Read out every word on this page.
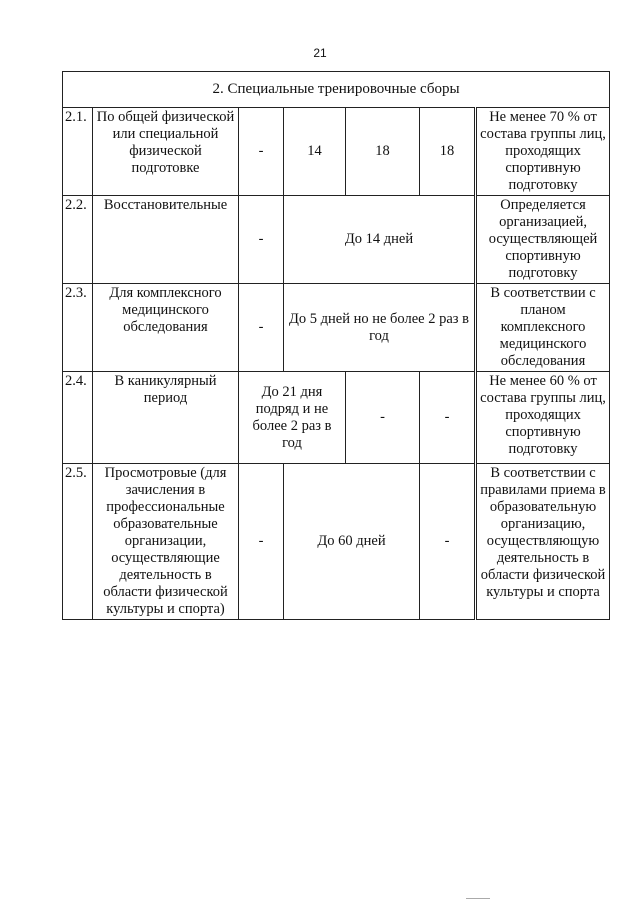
21
2. Специальные тренировочные сборы						
2.1.	По общей физической или специальной физической подготовке	-	14	18	18	Не менее 70 % от состава группы лиц, проходящих спортивную подготовку
2.2.	Восстановительные	-	До 14 дней			Определяется организацией, осуществляющей спортивную подготовку
2.3.	Для комплексного медицинского обследования	-	До 5 дней но не более 2 раз в год			В соответствии с планом комплексного медицинского обследования
2.4.	В каникулярный период	До 21 дня подряд и не более 2 раз в год		-	-	Не менее 60 % от состава группы лиц, проходящих спортивную подготовку
2.5.	Просмотровые (для зачисления в профессиональные образовательные организации, осуществляющие деятельность в области физической культуры и спорта)	-	До 60 дней		-	В соответствии с правилами приема в образовательную организацию, осуществляющую деятельность в области физической культуры и спорта
